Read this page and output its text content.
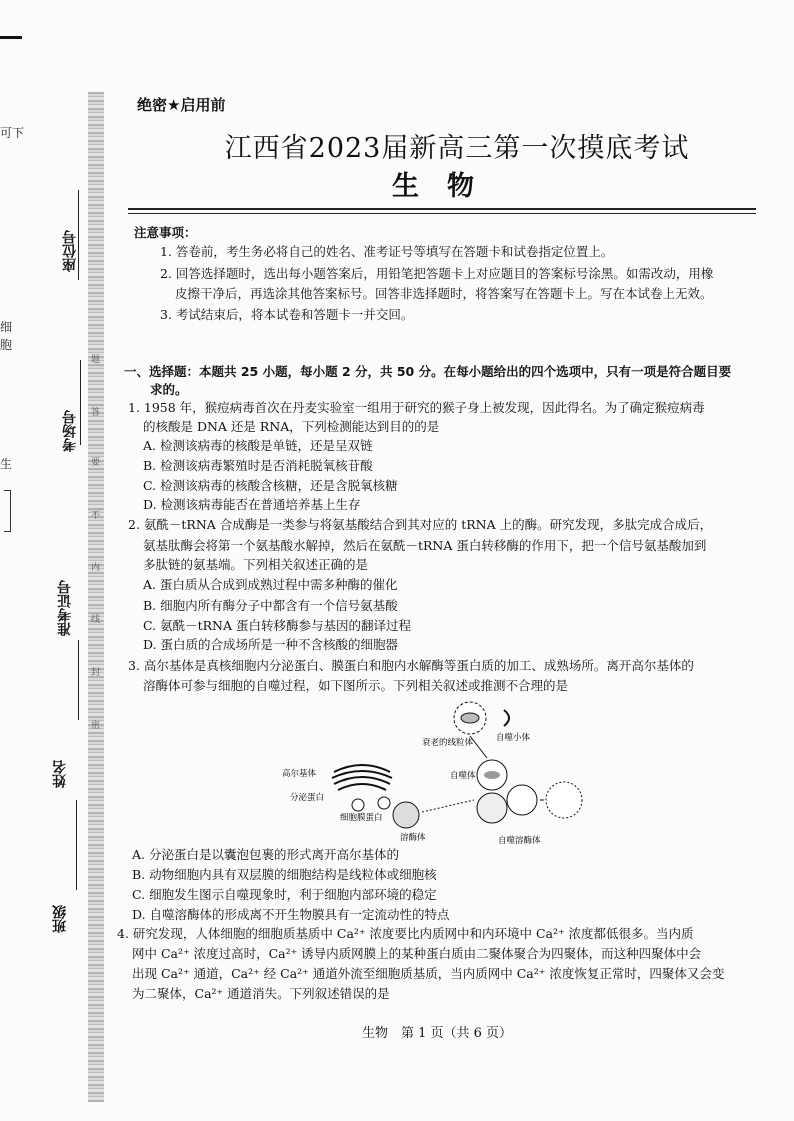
可下
细
胞
生
座位号
考场号
准考证号
姓名
班级
题
答
要
不
内
线
封
密
绝密★启用前
江西省2023届新高三第一次摸底考试
生物
注意事项：
1. 答卷前，考生务必将自己的姓名、准考证号等填写在答题卡和试卷指定位置上。
2. 回答选择题时，选出每小题答案后，用铅笔把答题卡上对应题目的答案标号涂黑。如需改动，用橡
皮擦干净后，再选涂其他答案标号。回答非选择题时，将答案写在答题卡上。写在本试卷上无效。
3. 考试结束后，将本试卷和答题卡一并交回。
一、选择题：本题共 25 小题，每小题 2 分，共 50 分。在每小题给出的四个选项中，只有一项是符合题目要
求的。
1. 1958 年，猴痘病毒首次在丹麦实验室一组用于研究的猴子身上被发现，因此得名。为了确定猴痘病毒
的核酸是 DNA 还是 RNA，下列检测能达到目的的是
A. 检测该病毒的核酸是单链，还是呈双链
B. 检测该病毒繁殖时是否消耗脱氧核苷酸
C. 检测该病毒的核酸含核糖，还是含脱氧核糖
D. 检测该病毒能否在普通培养基上生存
2. 氨酰－tRNA 合成酶是一类参与将氨基酸结合到其对应的 tRNA 上的酶。研究发现，多肽完成合成后，
氨基肽酶会将第一个氨基酸水解掉，然后在氨酰－tRNA 蛋白转移酶的作用下，把一个信号氨基酸加到
多肽链的氨基端。下列相关叙述正确的是
A. 蛋白质从合成到成熟过程中需多种酶的催化
B. 细胞内所有酶分子中都含有一个信号氨基酸
C. 氨酰－tRNA 蛋白转移酶参与基因的翻译过程
D. 蛋白质的合成场所是一种不含核酸的细胞器
3. 高尔基体是真核细胞内分泌蛋白、膜蛋白和胞内水解酶等蛋白质的加工、成熟场所。离开高尔基体的
溶酶体可参与细胞的自噬过程，如下图所示。下列相关叙述或推测不合理的是
高尔基体
分泌蛋白
细胞膜蛋白
溶酶体
衰老的线粒体	自噬小体
自噬体
自噬溶酶体
A. 分泌蛋白是以囊泡包裹的形式离开高尔基体的
B. 动物细胞内具有双层膜的细胞结构是线粒体或细胞核
C. 细胞发生图示自噬现象时，利于细胞内部环境的稳定
D. 自噬溶酶体的形成离不开生物膜具有一定流动性的特点
4. 研究发现，人体细胞的细胞质基质中 Ca²⁺ 浓度要比内质网中和内环境中 Ca²⁺ 浓度都低很多。当内质
网中 Ca²⁺ 浓度过高时，Ca²⁺ 诱导内质网膜上的某种蛋白质由二聚体聚合为四聚体，而这种四聚体中会
出现 Ca²⁺ 通道，Ca²⁺ 经 Ca²⁺ 通道外流至细胞质基质，当内质网中 Ca²⁺ 浓度恢复正常时，四聚体又会变
为二聚体，Ca²⁺ 通道消失。下列叙述错误的是
生物　第 1 页（共 6 页）
